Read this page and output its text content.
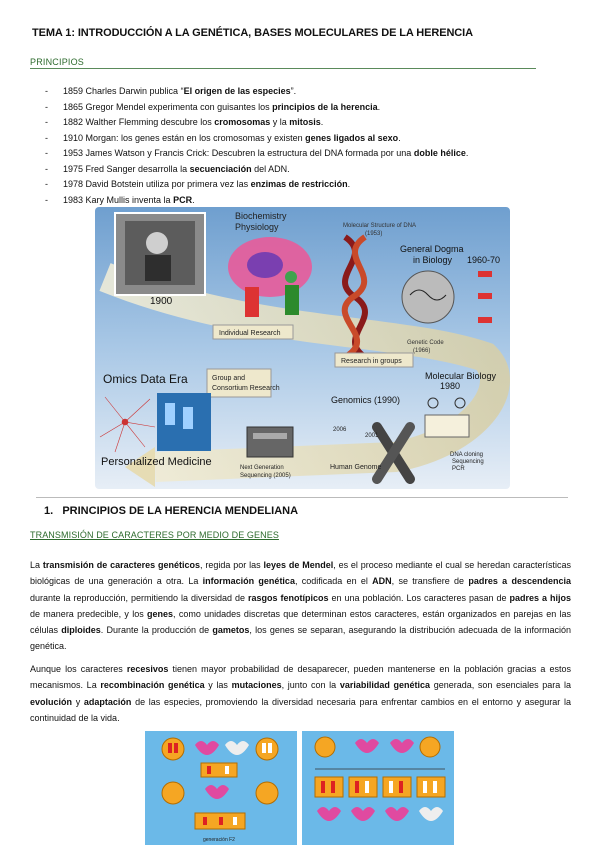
TEMA 1: INTRODUCCIÓN A LA GENÉTICA, BASES MOLECULARES DE LA HERENCIA
PRINCIPIOS
-	1859 Charles Darwin publica “El origen de las especies”.
-	1865 Gregor Mendel experimenta con guisantes los principios de la herencia.
-	1882 Walther Flemming descubre los cromosomas y la mitosis.
-	1910 Morgan: los genes están en los cromosomas y existen genes ligados al sexo.
-	1953 James Watson y Francis Crick: Descubren la estructura del DNA formada por una doble hélice.
-	1975 Fred Sanger desarrolla la secuenciación del ADN.
-	1978 David Botstein utiliza por primera vez las enzimas de restricción.
-	1983 Kary Mullis inventa la PCR.
1900
Biochemistry
Physiology	Molecular Structure of DNA
(1953)
General Dogma
in Biology 1960-70
Genetic Code
(1966)
Individual Research
Research in groups
Omics Data Era	Group and
Consortium Research
Personalized Medicine
Molecular Biology
1980
DNA cloning
Sequencing
PCR
Genomics (1990)
2006
2001
Human Genome
Next Generation
Sequencing (2005)
1.   PRINCIPIOS DE LA HERENCIA MENDELIANA
TRANSMISIÓN DE CARACTERES POR MEDIO DE GENES
La transmisión de caracteres genéticos, regida por las leyes de Mendel, es el proceso mediante el cual se heredan características biológicas de una generación a otra. La información genética, codificada en el ADN, se transfiere de padres a descendencia durante la reproducción, permitiendo la diversidad de rasgos fenotípicos en una población. Los caracteres pasan de padres a hijos de manera predecible, y los genes, como unidades discretas que determinan estos caracteres, están organizados en parejas en las células diploides. Durante la producción de gametos, los genes se separan, asegurando la distribución adecuada de la información genética.
Aunque los caracteres recesivos tienen mayor probabilidad de desaparecer, pueden mantenerse en la población gracias a estos mecanismos. La recombinación genética y las mutaciones, junto con la variabilidad genética generada, son esenciales para la evolución y adaptación de las especies, promoviendo la diversidad necesaria para enfrentar cambios en el entorno y asegurar la continuidad de la vida.
generación F2
